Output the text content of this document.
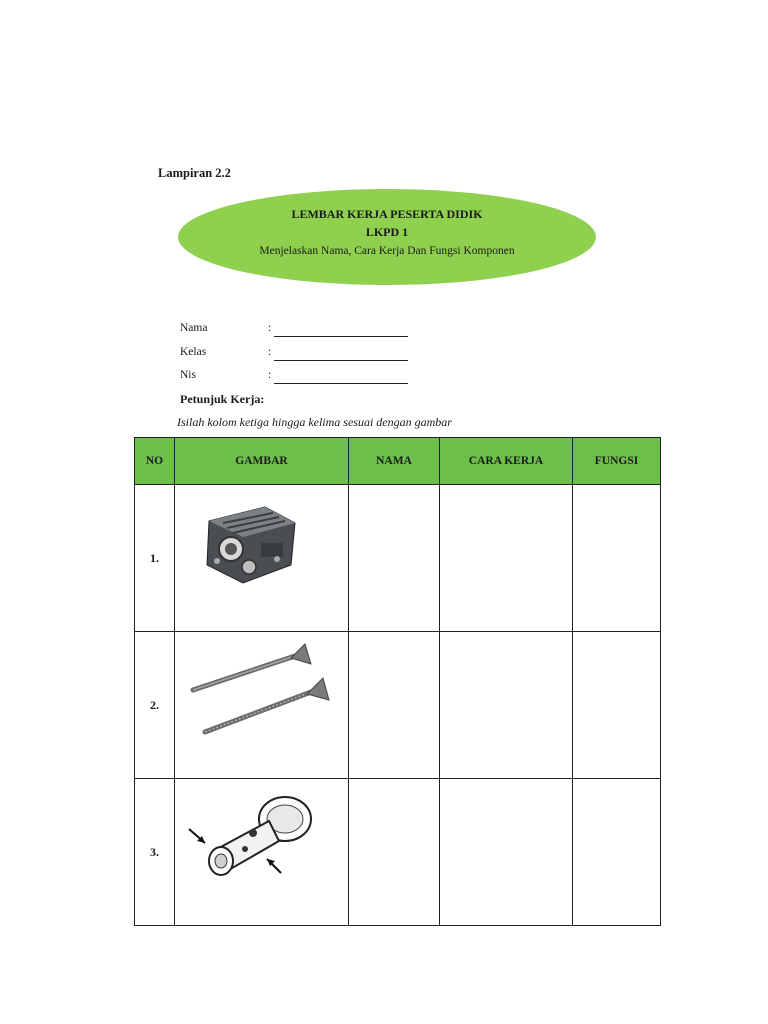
Lampiran 2.2
LEMBAR KERJA PESERTA DIDIK
LKPD 1
Menjelaskan Nama, Cara Kerja Dan Fungsi Komponen
Nama	:
Kelas	:
Nis	:
Petunjuk Kerja:
Isilah kolom ketiga hingga kelima sesuai dengan gambar
NO	GAMBAR	NAMA	CARA KERJA	FUNGSI
1.	

2.	

3.	
